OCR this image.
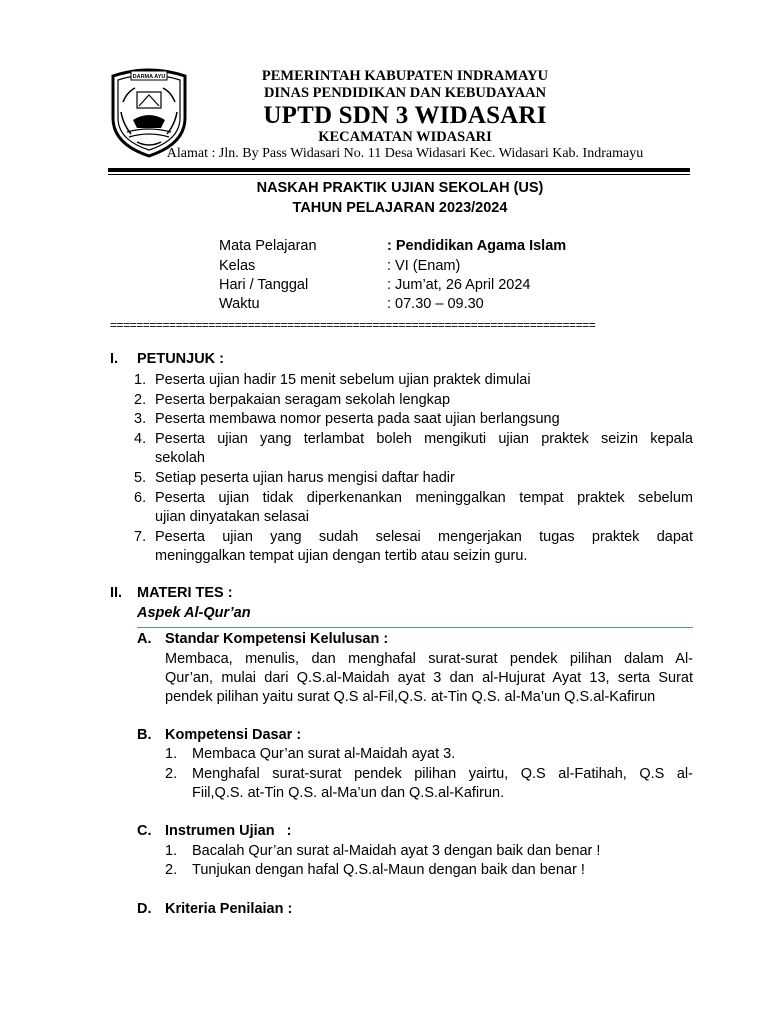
DARMA AYU	PEMERINTAH KABUPATEN INDRAMAYU
DINAS PENDIDIKAN DAN KEBUDAYAAN
UPTD SDN 3 WIDASARI
KECAMATAN WIDASARI
Alamat : Jln. By Pass Widasari No. 11 Desa Widasari Kec. Widasari Kab. Indramayu
NASKAH PRAKTIK UJIAN SEKOLAH (US)
TAHUN PELAJARAN 2023/2024
Mata Pelajaran	: Pendidikan Agama Islam
Kelas	: VI (Enam)
Hari / Tanggal	: Jum’at, 26 April 2024
Waktu	: 07.30 – 09.30
==========================================================================
I. PETUNJUK :
1. Peserta ujian hadir 15 menit sebelum ujian praktek dimulai
2. Peserta berpakaian seragam sekolah lengkap
3. Peserta membawa nomor peserta pada saat ujian berlangsung
4. Peserta ujian yang terlambat boleh mengikuti ujian praktek seizin kepala
sekolah
5. Setiap peserta ujian harus mengisi daftar hadir
6. Peserta ujian tidak diperkenankan meninggalkan tempat praktek sebelum
ujian dinyatakan selasai
7. Peserta ujian yang sudah selesai mengerjakan tugas praktek dapat
meninggalkan tempat ujian dengan tertib atau seizin guru.
II. MATERI TES :
Aspek Al-Qur’an
A. Standar Kompetensi Kelulusan :
Membaca, menulis, dan menghafal surat-surat pendek pilihan dalam Al-
Qur’an, mulai dari Q.S.al-Maidah ayat 3 dan al-Hujurat Ayat 13, serta Surat
pendek pilihan yaitu surat Q.S al-Fil,Q.S. at-Tin Q.S. al-Ma’un Q.S.al-Kafirun
B. Kompetensi Dasar :
1. Membaca Qur’an surat al-Maidah ayat 3.
2. Menghafal surat-surat pendek pilihan yairtu, Q.S al-Fatihah, Q.S al-
Fiil,Q.S. at-Tin Q.S. al-Ma’un dan Q.S.al-Kafirun.
C. Instrumen Ujian   :
1. Bacalah Qur’an surat al-Maidah ayat 3 dengan baik dan benar !
2. Tunjukan dengan hafal Q.S.al-Maun dengan baik dan benar !
D. Kriteria Penilaian :
